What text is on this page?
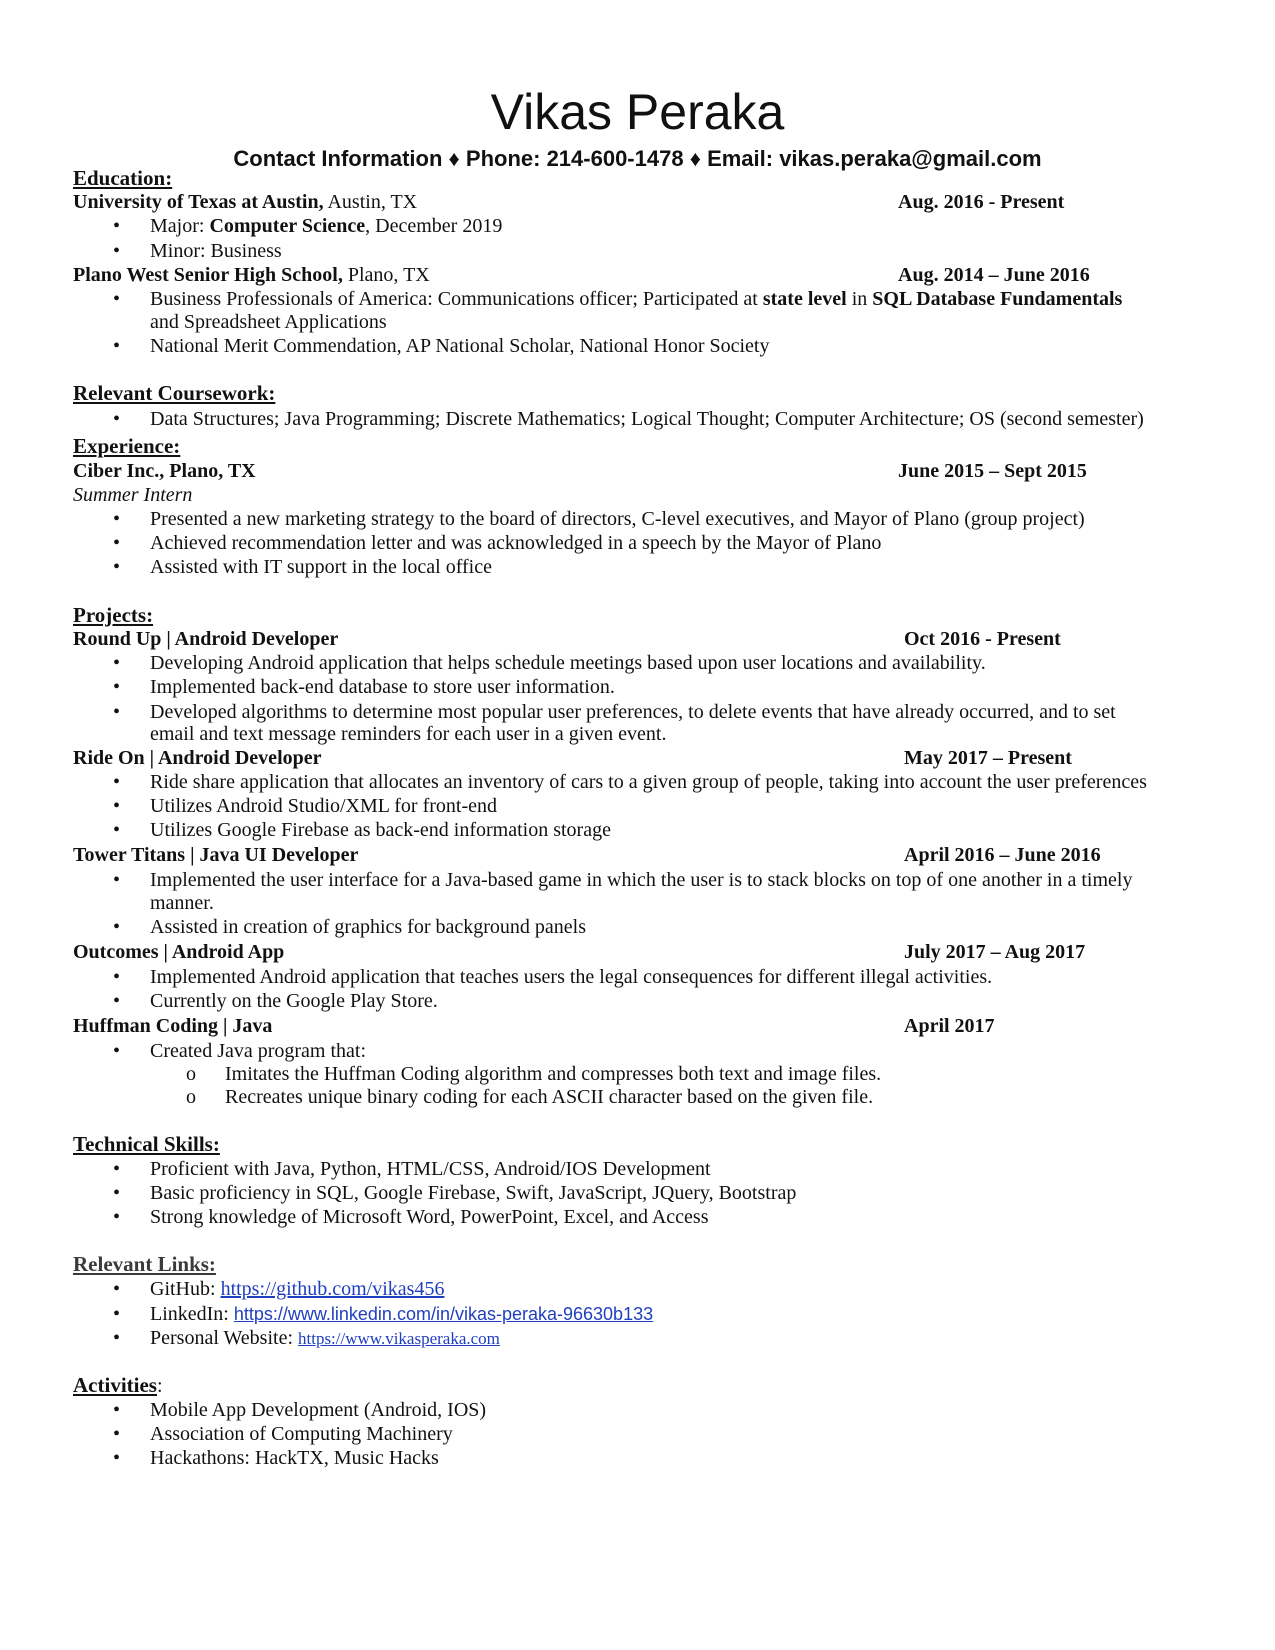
Vikas Peraka
Contact Information ♦ Phone: 214-600-1478 ♦ Email: vikas.peraka@gmail.com
Education:
University of Texas at Austin, Austin, TX	Aug. 2016 - Present
• Major: Computer Science, December 2019
• Minor: Business
Plano West Senior High School, Plano, TX	Aug. 2014 – June 2016
• Business Professionals of America: Communications officer; Participated at state level in SQL Database Fundamentals
and Spreadsheet Applications
• National Merit Commendation, AP National Scholar, National Honor Society
Relevant Coursework:
• Data Structures; Java Programming; Discrete Mathematics; Logical Thought; Computer Architecture; OS (second semester)
Experience:
Ciber Inc., Plano, TX	June 2015 – Sept 2015
Summer Intern
• Presented a new marketing strategy to the board of directors, C-level executives, and Mayor of Plano (group project)
• Achieved recommendation letter and was acknowledged in a speech by the Mayor of Plano
• Assisted with IT support in the local office
Projects:
Round Up | Android Developer	Oct 2016 - Present
• Developing Android application that helps schedule meetings based upon user locations and availability.
• Implemented back-end database to store user information.
• Developed algorithms to determine most popular user preferences, to delete events that have already occurred, and to set
email and text message reminders for each user in a given event.
Ride On | Android Developer	May 2017 – Present
• Ride share application that allocates an inventory of cars to a given group of people, taking into account the user preferences
• Utilizes Android Studio/XML for front-end
• Utilizes Google Firebase as back-end information storage
Tower Titans | Java UI Developer	April 2016 – June 2016
• Implemented the user interface for a Java-based game in which the user is to stack blocks on top of one another in a timely
manner.
• Assisted in creation of graphics for background panels
Outcomes | Android App	July 2017 – Aug 2017
• Implemented Android application that teaches users the legal consequences for different illegal activities.
• Currently on the Google Play Store.
Huffman Coding | Java	April 2017
• Created Java program that:
o Imitates the Huffman Coding algorithm and compresses both text and image files.
o Recreates unique binary coding for each ASCII character based on the given file.
Technical Skills:
• Proficient with Java, Python, HTML/CSS, Android/IOS Development
• Basic proficiency in SQL, Google Firebase, Swift, JavaScript, JQuery, Bootstrap
• Strong knowledge of Microsoft Word, PowerPoint, Excel, and Access
Relevant Links:
• GitHub: https://github.com/vikas456
• LinkedIn: https://www.linkedin.com/in/vikas-peraka-96630b133
• Personal Website: https://www.vikasperaka.com
Activities:
• Mobile App Development (Android, IOS)
• Association of Computing Machinery
• Hackathons: HackTX, Music Hacks
